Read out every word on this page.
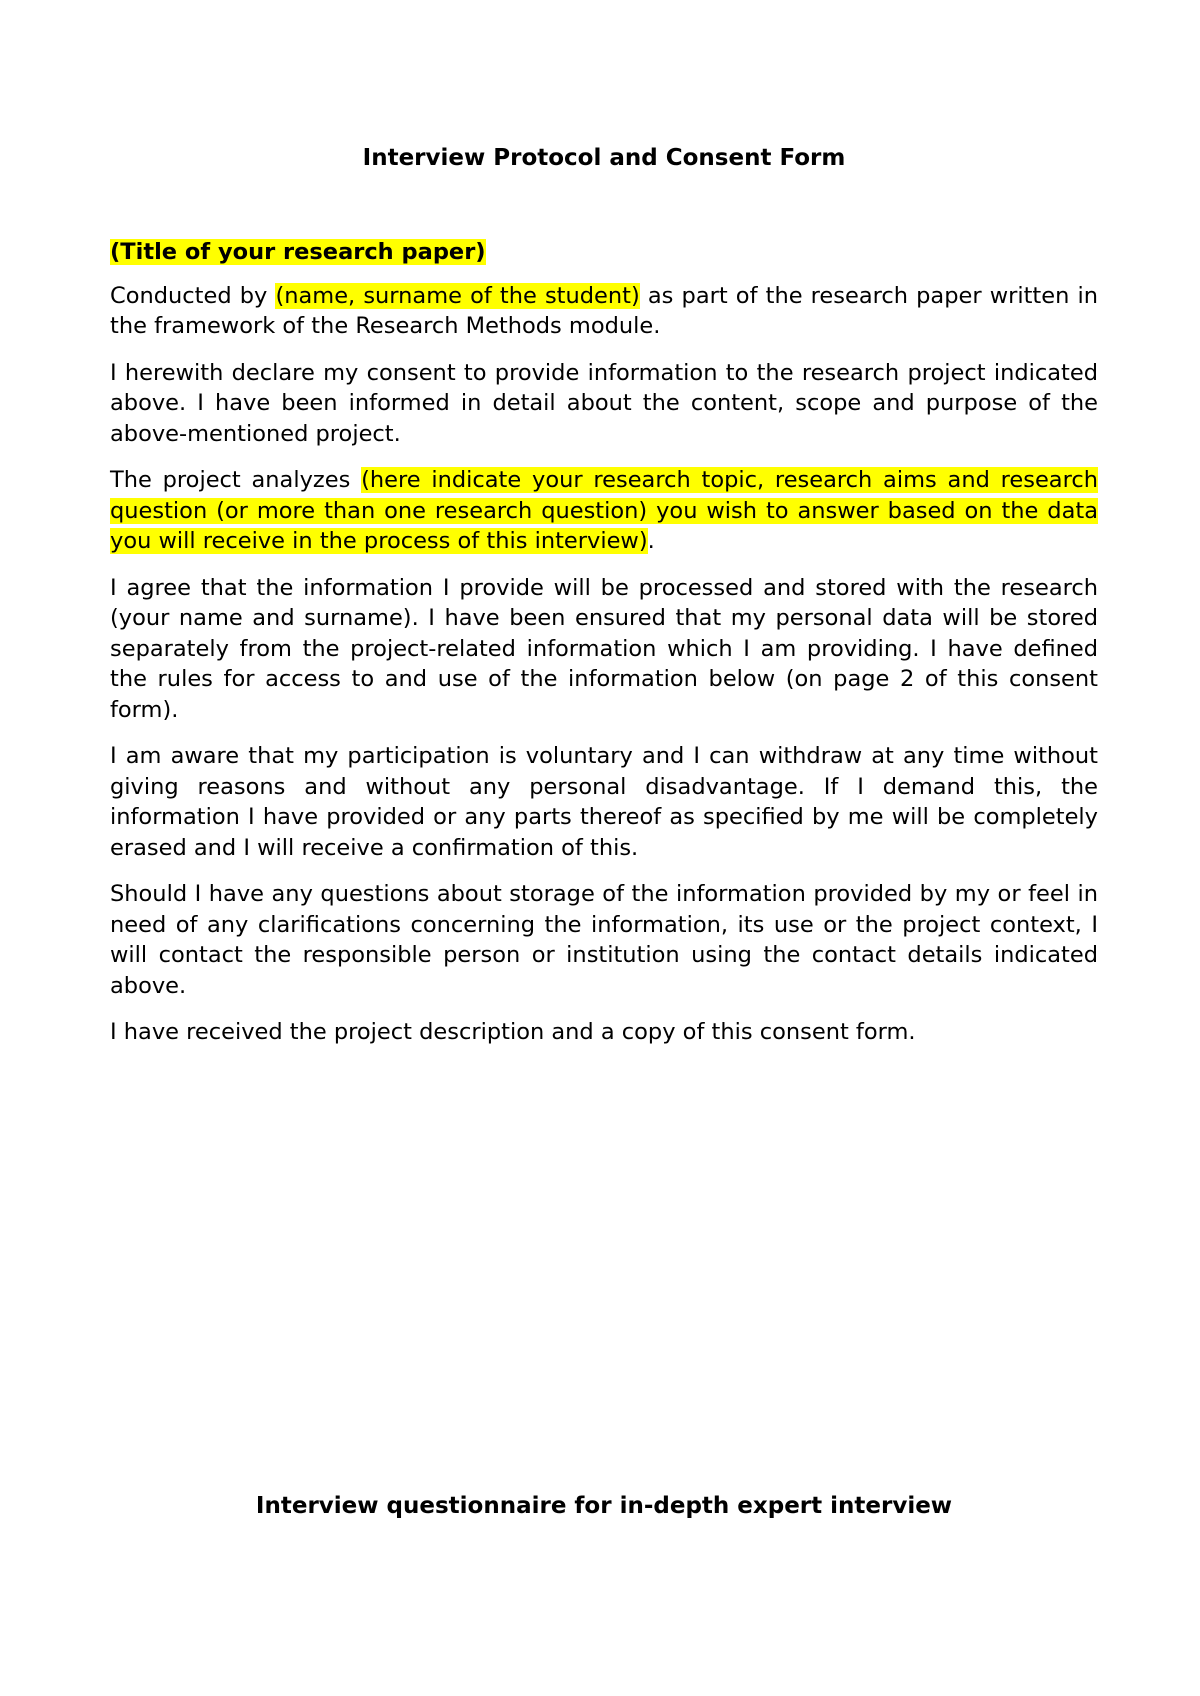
Interview Protocol and Consent Form

(Title of your research paper)

Conducted by (name, surname of the student) as part of the research paper written in the framework of the Research Methods module.

I herewith declare my consent to provide information to the research project indicated above. I have been informed in detail about the content, scope and purpose of the above-mentioned project.

The project analyzes (here indicate your research topic, research aims and research question (or more than one research question) you wish to answer based on the data you will receive in the process of this interview).

I agree that the information I provide will be processed and stored with the research (your name and surname). I have been ensured that my personal data will be stored separately from the project-related information which I am providing. I have defined the rules for access to and use of the information below (on page 2 of this consent form).

I am aware that my participation is voluntary and I can withdraw at any time without giving reasons and without any personal disadvantage. If I demand this, the information I have provided or any parts thereof as specified by me will be completely erased and I will receive a confirmation of this.

Should I have any questions about storage of the information provided by my or feel in need of any clarifications concerning the information, its use or the project context, I will contact the responsible person or institution using the contact details indicated above.

I have received the project description and a copy of this consent form.

Interview questionnaire for in-depth expert interview
